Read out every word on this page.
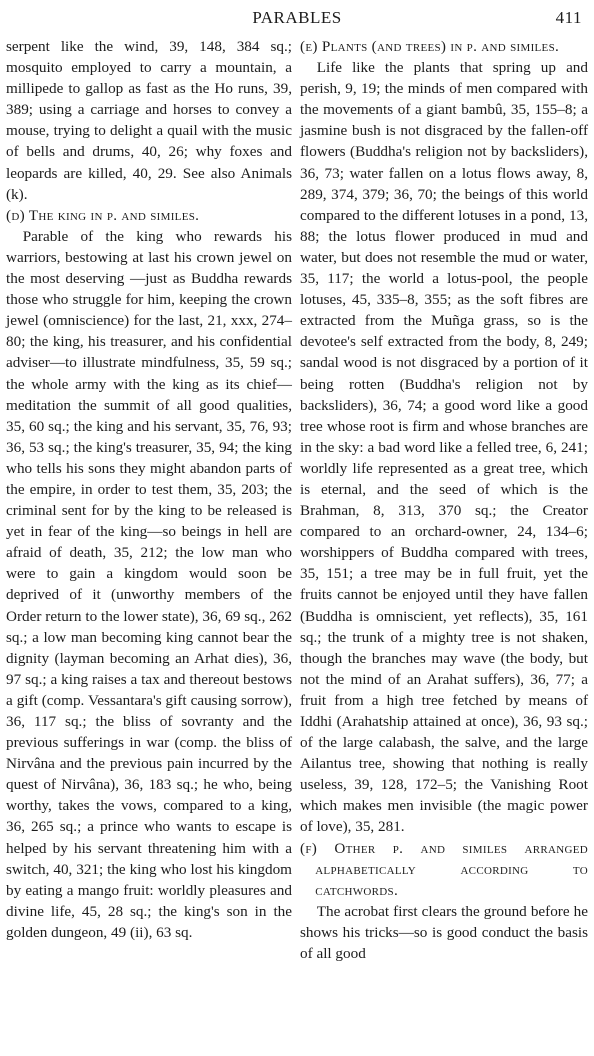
PARABLES	411

serpent like the wind, 39, 148, 384 sq.; mosquito employed to carry a mountain, a millipede to gallop as fast as the Ho runs, 39, 389; using a carriage and horses to convey a mouse, trying to delight a quail with the music of bells and drums, 40, 26; why foxes and leopards are killed, 40, 29. See also Animals (k).

(d) The king in p. and similes.

Parable of the king who rewards his warriors, bestowing at last his crown jewel on the most deserving —just as Buddha rewards those who struggle for him, keeping the crown jewel (omniscience) for the last, 21, xxx, 274–80; the king, his treasurer, and his confidential adviser—to illustrate mindfulness, 35, 59 sq.; the whole army with the king as its chief—meditation the summit of all good qualities, 35, 60 sq.; the king and his servant, 35, 76, 93; 36, 53 sq.; the king's treasurer, 35, 94; the king who tells his sons they might abandon parts of the empire, in order to test them, 35, 203; the criminal sent for by the king to be released is yet in fear of the king—so beings in hell are afraid of death, 35, 212; the low man who were to gain a kingdom would soon be deprived of it (unworthy members of the Order return to the lower state), 36, 69 sq., 262 sq.; a low man becoming king cannot bear the dignity (layman becoming an Arhat dies), 36, 97 sq.; a king raises a tax and thereout bestows a gift (comp. Vessantara's gift causing sorrow), 36, 117 sq.; the bliss of sovranty and the previous sufferings in war (comp. the bliss of Nirvâna and the previous pain incurred by the quest of Nirvâna), 36, 183 sq.; he who, being worthy, takes the vows, compared to a king, 36, 265 sq.; a prince who wants to escape is helped by his servant threatening him with a switch, 40, 321; the king who lost his kingdom by eating a mango fruit: worldly pleasures and divine life, 45, 28 sq.; the king's son in the golden dungeon, 49 (ii), 63 sq.

(e) Plants (and trees) in p. and similes.

Life like the plants that spring up and perish, 9, 19; the minds of men compared with the movements of a giant bambû, 35, 155–8; a jasmine bush is not disgraced by the fallen-off flowers (Buddha's religion not by backsliders), 36, 73; water fallen on a lotus flows away, 8, 289, 374, 379; 36, 70; the beings of this world compared to the different lotuses in a pond, 13, 88; the lotus flower produced in mud and water, but does not resemble the mud or water, 35, 117; the world a lotus-pool, the people lotuses, 45, 335–8, 355; as the soft fibres are extracted from the Muñga grass, so is the devotee's self extracted from the body, 8, 249; sandal wood is not disgraced by a portion of it being rotten (Buddha's religion not by backsliders), 36, 74; a good word like a good tree whose root is firm and whose branches are in the sky: a bad word like a felled tree, 6, 241; worldly life represented as a great tree, which is eternal, and the seed of which is the Brahman, 8, 313, 370 sq.; the Creator compared to an orchard-owner, 24, 134–6; worshippers of Buddha compared with trees, 35, 151; a tree may be in full fruit, yet the fruits cannot be enjoyed until they have fallen (Buddha is omniscient, yet reflects), 35, 161 sq.; the trunk of a mighty tree is not shaken, though the branches may wave (the body, but not the mind of an Arahat suffers), 36, 77; a fruit from a high tree fetched by means of Iddhi (Arahatship attained at once), 36, 93 sq.; of the large calabash, the salve, and the large Ailantus tree, showing that nothing is really useless, 39, 128, 172–5; the Vanishing Root which makes men invisible (the magic power of love), 35, 281.

(f) Other p. and similes arranged alphabetically according to catchwords.

The acrobat first clears the ground before he shows his tricks—so is good conduct the basis of all good
